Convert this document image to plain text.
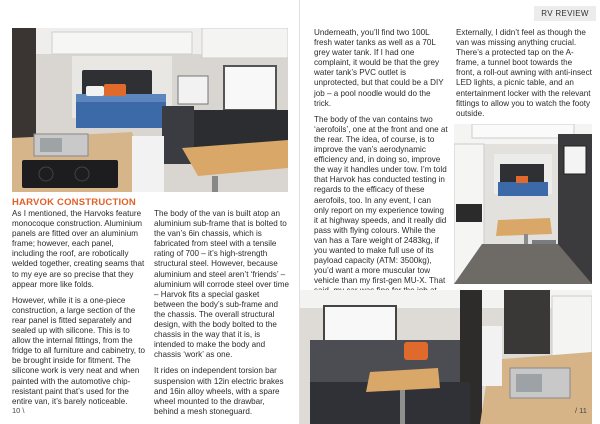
HARVOK CONSTRUCTION

As I mentioned, the Harvoks feature monocoque construction. Aluminium panels are fitted over an aluminium frame; however, each panel, including the roof, are robotically welded together, creating seams that to my eye are so precise that they appear more like folds.

However, while it is a one-piece construction, a large section of the rear panel is fitted separately and sealed up with silicone. This is to allow the internal fittings, from the fridge to all furniture and cabinetry, to be brought inside for fitment. The silicone work is very neat and when painted with the automotive chip-resistant paint that’s used for the entire van, it’s barely noticeable.

The body of the van is built atop an aluminium sub-frame that is bolted to the van’s 6in chassis, which is fabricated from steel with a tensile rating of 700 – it’s high-strength structural steel. However, because aluminium and steel aren’t ‘friends’ – aluminium will corrode steel over time – Harvok fits a special gasket between the body’s sub-frame and the chassis. The overall structural design, with the body bolted to the chassis in the way that it is, is intended to make the body and chassis ‘work’ as one.

It rides on independent torsion bar suspension with 12in electric brakes and 16in alloy wheels, with a spare wheel mounted to the drawbar, behind a mesh stoneguard.

10 \
RV REVIEW

Underneath, you’ll find two 100L fresh water tanks as well as a 70L grey water tank. If I had one complaint, it would be that the grey water tank’s PVC outlet is unprotected, but that could be a DIY job – a pool noodle would do the trick.

The body of the van contains two ‘aerofoils’, one at the front and one at the rear. The idea, of course, is to improve the van’s aerodynamic efficiency and, in doing so, improve the way it handles under tow. I’m told that Harvok has conducted testing in regards to the efficacy of these aerofoils, too. In any event, I can only report on my experience towing it at highway speeds, and it really did pass with flying colours. While the van has a Tare weight of 2483kg, if you wanted to make full use of its payload capacity (ATM: 3500kg), you’d want a more muscular tow vehicle than my first-gen MU-X. That

Externally, I didn’t feel as though the van was missing anything crucial. There’s a protected tap on the A-frame, a tunnel boot towards the front, a roll-out awning with anti-insect LED lights, a picnic table, and an entertainment locker with the relevant fittings to allow you to watch the footy outside.

/ 11
